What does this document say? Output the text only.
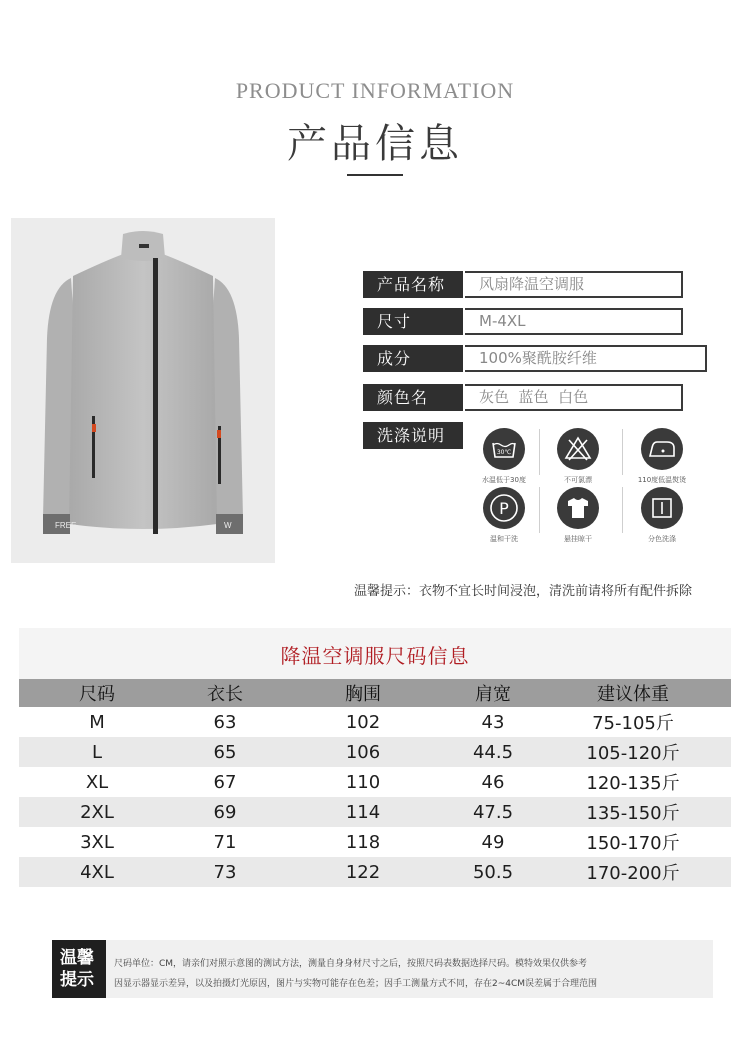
PRODUCT INFORMATION
产品信息
FREE	W
产品名称	风扇降温空调服
尺寸	M-4XL
成分	100%聚酰胺纤维
颜色名	灰色  蓝色  白色
洗涤说明
30℃
水温低于30度	不可氯漂	110度低温熨烫
P
温和干洗	悬挂晾干	分色洗涤
温馨提示：衣物不宜长时间浸泡，清洗前请将所有配件拆除
降温空调服尺码信息
尺码	衣长	胸围	肩宽	建议体重
M	63	102	43	75-105斤
L	65	106	44.5	105-120斤
XL	67	110	46	120-135斤
2XL	69	114	47.5	135-150斤
3XL	71	118	49	150-170斤
4XL	73	122	50.5	170-200斤
温馨
提示
尺码单位：CM，请亲们对照示意图的测试方法，测量自身身材尺寸之后，按照尺码表数据选择尺码。模特效果仅供参考
因显示器显示差异，以及拍摄灯光原因，图片与实物可能存在色差；因手工测量方式不同，存在2~4CM误差属于合理范围
